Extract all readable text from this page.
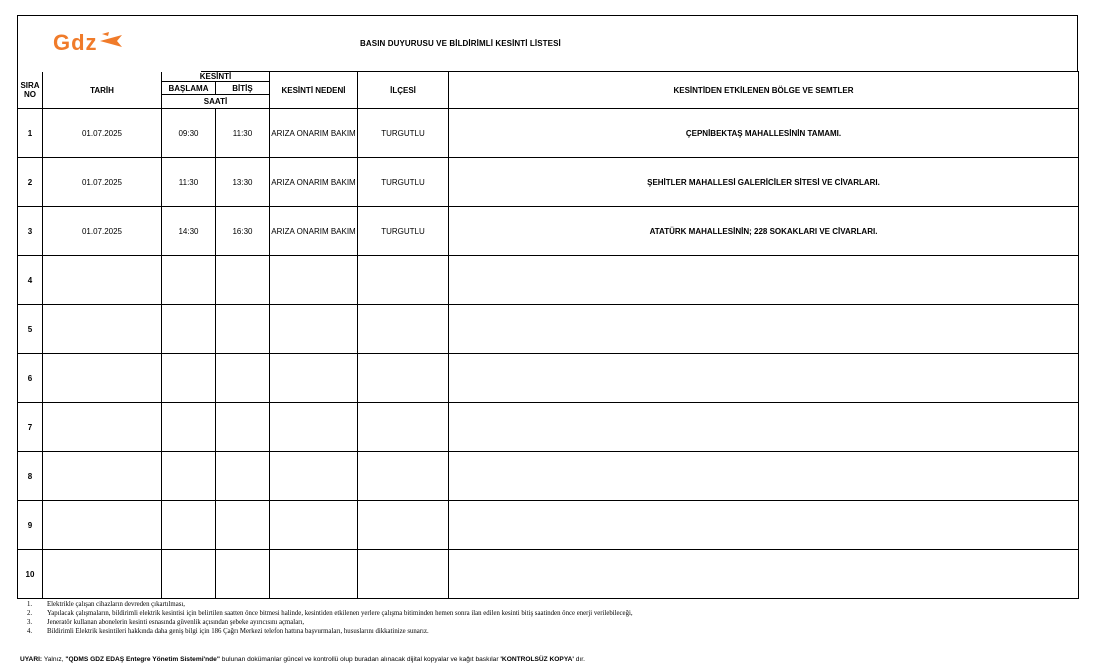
Gdz	BASIN DUYURUSU VE BİLDİRİMLİ KESİNTİ LİSTESİ
SIRA
NO	TARİH	KESİNTİ		KESİNTİ NEDENİ	İLÇESİ	KESİNTİDEN ETKİLENEN BÖLGE VE SEMTLER
		BAŞLAMA	BİTİŞ			
		SAATİ				
1	01.07.2025	09:30	11:30	ARIZA ONARIM BAKIM	TURGUTLU	ÇEPNİBEKTAŞ MAHALLESİNİN TAMAMI.
2	01.07.2025	11:30	13:30	ARIZA ONARIM BAKIM	TURGUTLU	ŞEHİTLER MAHALLESİ GALERİCİLER SİTESİ VE CİVARLARI.
3	01.07.2025	14:30	16:30	ARIZA ONARIM BAKIM	TURGUTLU	ATATÜRK MAHALLESİNİN; 228 SOKAKLARI VE CİVARLARI.
4						
5						
6						
7						
8						
9						
10						
1.	Elektrikle çalışan cihazların devreden çıkartılması,
2.	Yapılacak çalışmaların, bildirimli elektrik kesintisi için belirtilen saatten önce bitmesi halinde, kesintiden etkilenen yerlere çalışma bitiminden hemen sonra ilan edilen kesinti bitiş saatinden önce enerji verilebileceği,
3.	Jeneratör kullanan abonelerin kesinti esnasında güvenlik açısından şebeke ayırıcısını açmaları,
4.	Bildirimli Elektrik kesintileri hakkında daha geniş bilgi için 186 Çağrı Merkezi telefon hattına başvurmaları, hususlarını dikkatinize sunarız.
UYARI: Yalnız, "QDMS GDZ EDAŞ Entegre Yönetim Sistemi'nde" bulunan dokümanlar güncel ve kontrollü olup buradan alınacak dijital kopyalar ve kağıt baskılar 'KONTROLSÜZ KOPYA' dır.
